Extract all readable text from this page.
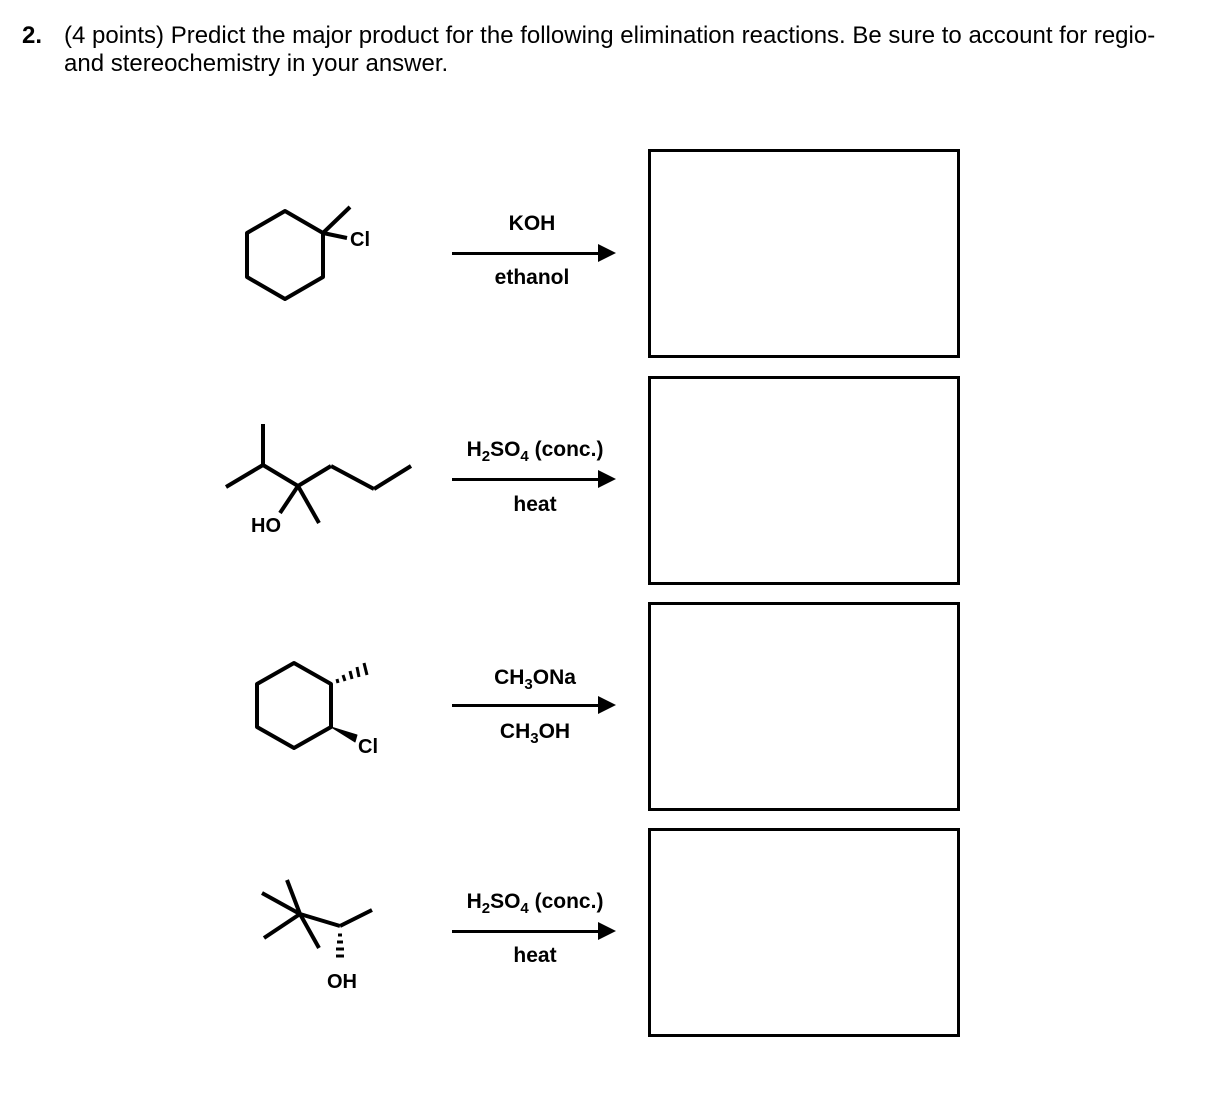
2. (4 points) Predict the major product for the following elimination reactions. Be sure to account for regio-
and stereochemistry in your answer.
Cl
KOH
ethanol
HO
$H_2SO_4$ (conc.)
heat
Cl
$CH_3ONa$
$CH_3OH$
OH
$H_2SO_4$ (conc.)
heat
